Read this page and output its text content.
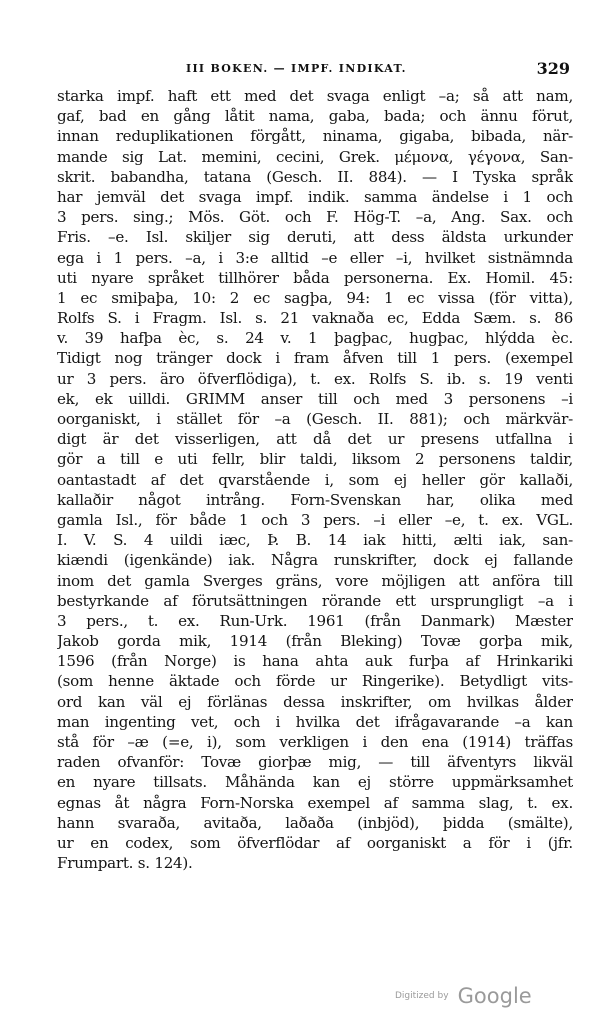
III BOKEN. — IMPF. INDIKAT.	329
starka impf. haft ett med det svaga enligt –a; så att nam,
gaf, bad en gång låtit nama, gaba, bada; och ännu förut,
innan reduplikationen förgått, ninama, gigaba, bibada, när-
mande sig Lat. memini, cecini, Grek. μέμονα, γέγονα, San-
skrit. babandha, tatana (Gesch. II. 884). — I Tyska språk
har jemväl det svaga impf. indik. samma ändelse i 1 och
3 pers. sing.; Mös. Göt. och F. Hög-T. –a, Ang. Sax. och
Fris. –e. Isl. skiljer sig deruti, att dess äldsta urkunder
ega i 1 pers. –a, i 3:e alltid –e eller –i, hvilket sistnämnda
uti nyare språket tillhörer båda personerna. Ex. Homil. 45:
1 ec smiþaþa, 10: 2 ec sagþa, 94: 1 ec vissa (för vitta),
Rolfs S. i Fragm. Isl. s. 21 vaknaða ec, Edda Sæm. s. 86
v. 39 hafþa èc, s. 24 v. 1 þagþac, hugþac, hlýdda èc.
Tidigt nog tränger dock i fram åfven till 1 pers. (exempel
ur 3 pers. äro öfverflödiga), t. ex. Rolfs S. ib. s. 19 venti
ek, ek uilldi. GRIMM anser till och med 3 personens –i
oorganiskt, i stället för –a (Gesch. II. 881); och märkvär-
digt är det visserligen, att då det ur presens utfallna i
gör a till e uti fellr, blir taldi, liksom 2 personens taldir,
oantastadt af det qvarstående i, som ej heller gör kallaði,
kallaðir något intrång. Forn-Svenskan har, olika med
gamla Isl., för både 1 och 3 pers. –i eller –e, t. ex. VGL.
I. V. S. 4 uildi iæc, Þ. B. 14 iak hitti, ælti iak, san-
kiændi (igenkände) iak. Några runskrifter, dock ej fallande
inom det gamla Sverges gräns, vore möjligen att anföra till
bestyrkande af förutsättningen rörande ett ursprungligt –a i
3 pers., t. ex. Run-Urk. 1961 (från Danmark) Mæster
Jakob gorda mik, 1914 (från Bleking) Tovæ gorþa mik,
1596 (från Norge) is hana ahta auk furþa af Hrinkariki
(som henne äktade och förde ur Ringerike). Betydligt vits-
ord kan väl ej förlänas dessa inskrifter, om hvilkas ålder
man ingenting vet, och i hvilka det ifrågavarande –a kan
stå för –æ (=e, i), som verkligen i den ena (1914) träffas
raden ofvanför: Tovæ giorþæ mig, — till äfventyrs likväl
en nyare tillsats. Måhända kan ej större uppmärksamhet
egnas åt några Forn-Norska exempel af samma slag, t. ex.
hann svaraða, avitaða, laðaða (inbjöd), þidda (smälte),
ur en codex, som öfverflödar af oorganiskt a för i (jfr.
Frumpart. s. 124).
Digitized by Google
